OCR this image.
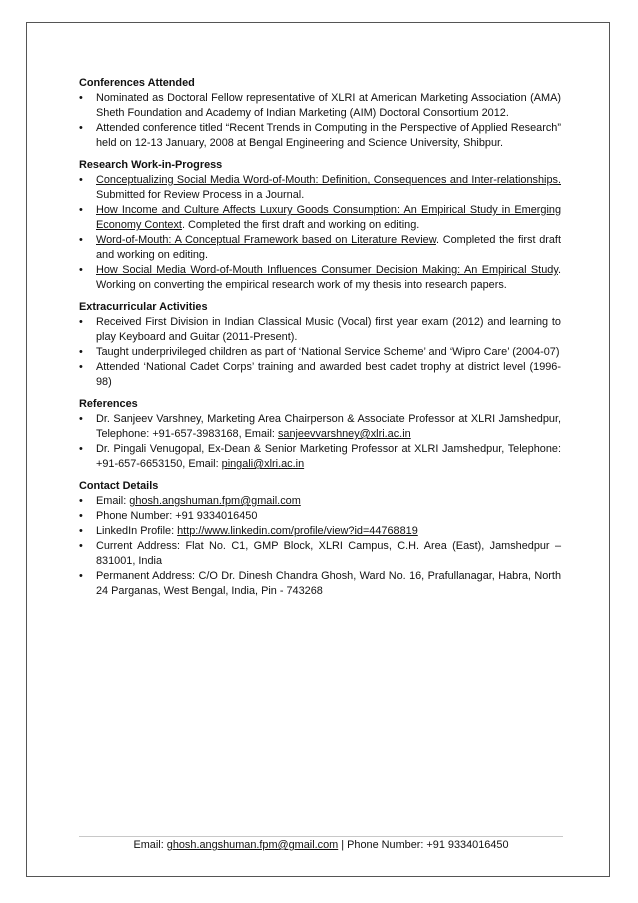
Conferences Attended
• Nominated as Doctoral Fellow representative of XLRI at American Marketing Association (AMA) Sheth Foundation and Academy of Indian Marketing (AIM) Doctoral Consortium 2012.
• Attended conference titled “Recent Trends in Computing in the Perspective of Applied Research” held on 12-13 January, 2008 at Bengal Engineering and Science University, Shibpur.
Research Work-in-Progress
• Conceptualizing Social Media Word-of-Mouth: Definition, Consequences and Inter-relationships. Submitted for Review Process in a Journal.
• How Income and Culture Affects Luxury Goods Consumption: An Empirical Study in Emerging Economy Context. Completed the first draft and working on editing.
• Word-of-Mouth: A Conceptual Framework based on Literature Review. Completed the first draft and working on editing.
• How Social Media Word-of-Mouth Influences Consumer Decision Making: An Empirical Study. Working on converting the empirical research work of my thesis into research papers.
Extracurricular Activities
• Received First Division in Indian Classical Music (Vocal) first year exam (2012) and learning to play Keyboard and Guitar (2011-Present).
• Taught underprivileged children as part of ‘National Service Scheme’ and ‘Wipro Care’ (2004-07)
• Attended ‘National Cadet Corps’ training and awarded best cadet trophy at district level (1996-98)
References
• Dr. Sanjeev Varshney, Marketing Area Chairperson & Associate Professor at XLRI Jamshedpur, Telephone: +91-657-3983168, Email: sanjeevvarshney@xlri.ac.in
• Dr. Pingali Venugopal, Ex-Dean & Senior Marketing Professor at XLRI Jamshedpur, Telephone: +91-657-6653150, Email: pingali@xlri.ac.in
Contact Details
• Email: ghosh.angshuman.fpm@gmail.com
• Phone Number: +91 9334016450
• LinkedIn Profile: http://www.linkedin.com/profile/view?id=44768819
• Current Address: Flat No. C1, GMP Block, XLRI Campus, C.H. Area (East), Jamshedpur – 831001, India
• Permanent Address: C/O Dr. Dinesh Chandra Ghosh, Ward No. 16, Prafullanagar, Habra, North 24 Parganas, West Bengal, India, Pin - 743268
Email: ghosh.angshuman.fpm@gmail.com | Phone Number: +91 9334016450
